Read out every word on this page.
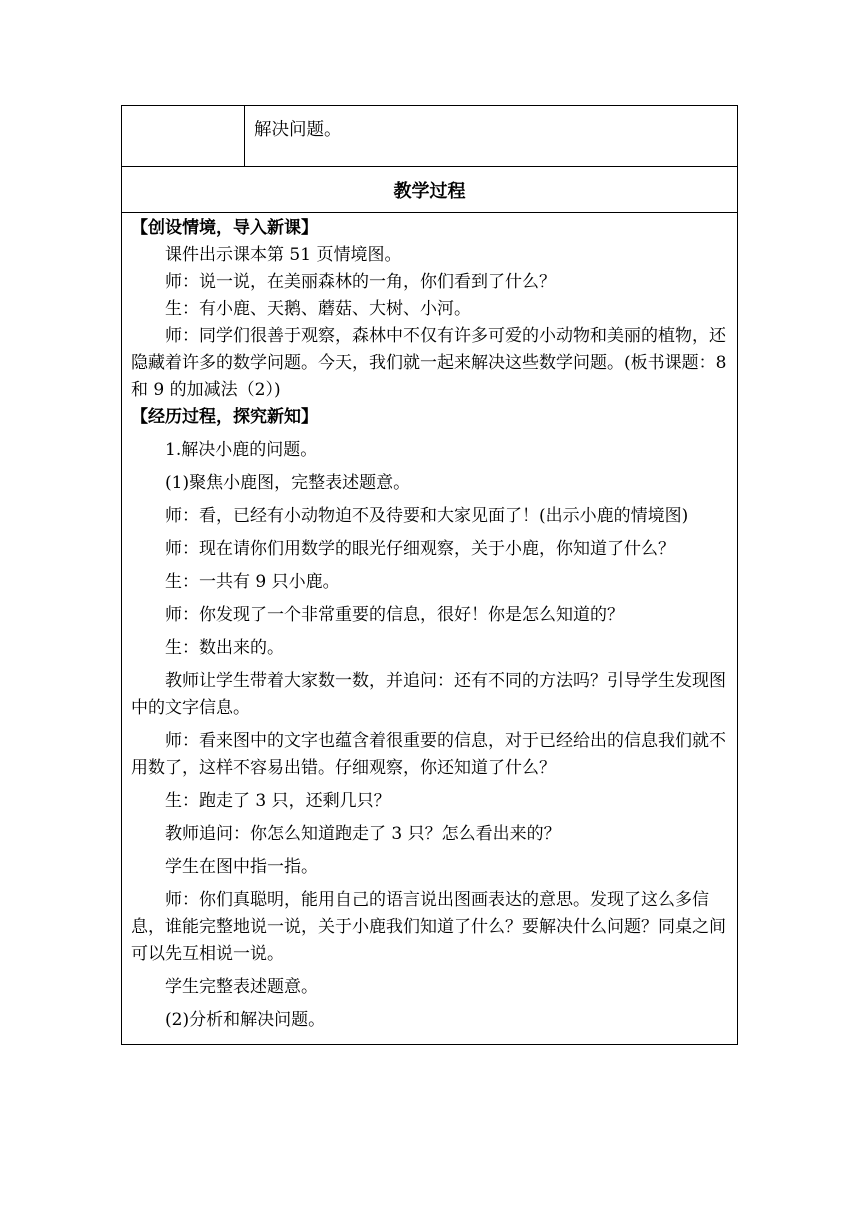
解决问题。
教学过程

【创设情境，导入新课】

课件出示课本第 51 页情境图。

师：说一说，在美丽森林的一角，你们看到了什么？

生：有小鹿、天鹅、蘑菇、大树、小河。

师：同学们很善于观察，森林中不仅有许多可爱的小动物和美丽的植物，还隐藏着许多的数学问题。今天，我们就一起来解决这些数学问题。(板书课题：8 和 9 的加减法（2）)

【经历过程，探究新知】

1.解决小鹿的问题。

(1)聚焦小鹿图，完整表述题意。

师：看，已经有小动物迫不及待要和大家见面了！(出示小鹿的情境图)

师：现在请你们用数学的眼光仔细观察，关于小鹿，你知道了什么？

生：一共有 9 只小鹿。

师：你发现了一个非常重要的信息，很好！你是怎么知道的？

生：数出来的。

教师让学生带着大家数一数，并追问：还有不同的方法吗？引导学生发现图中的文字信息。

师：看来图中的文字也蕴含着很重要的信息，对于已经给出的信息我们就不用数了，这样不容易出错。仔细观察，你还知道了什么？

生：跑走了 3 只，还剩几只？

教师追问：你怎么知道跑走了 3 只？怎么看出来的？

学生在图中指一指。

师：你们真聪明，能用自己的语言说出图画表达的意思。发现了这么多信息，谁能完整地说一说，关于小鹿我们知道了什么？要解决什么问题？同桌之间可以先互相说一说。

学生完整表述题意。

(2)分析和解决问题。
